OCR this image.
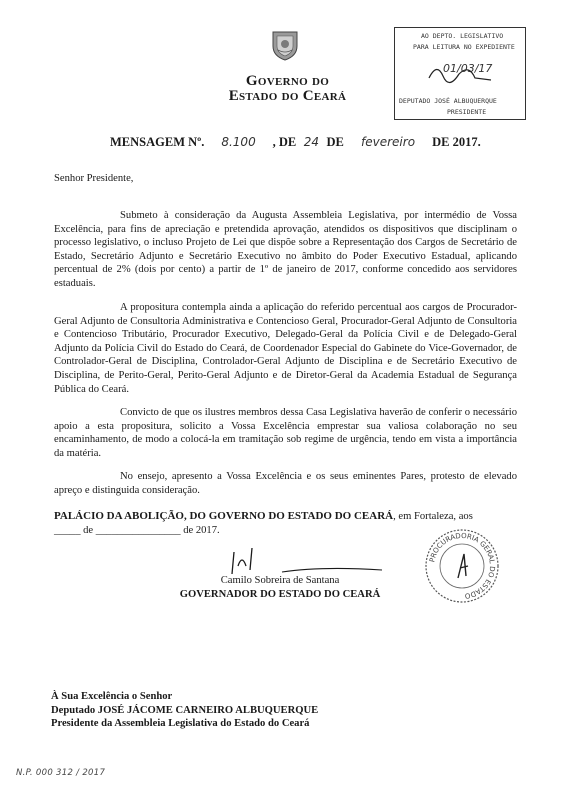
Governo do
Estado do Ceará
AO DEPTO. LEGISLATIVO
PARA LEITURA NO EXPEDIENTE
01/03/17
DEPUTADO JOSÉ ALBUQUERQUE
PRESIDENTE
MENSAGEM Nº. 8.100 , DE 24 DE fevereiro DE 2017.
Senhor Presidente,
Submeto à consideração da Augusta Assembleia Legislativa, por intermédio de Vossa Excelência, para fins de apreciação e pretendida aprovação, atendidos os dispositivos que disciplinam o processo legislativo, o incluso Projeto de Lei que dispõe sobre a Representação dos Cargos de Secretário de Estado, Secretário Adjunto e Secretário Executivo no âmbito do Poder Executivo Estadual, aplicando percentual de 2% (dois por cento) a partir de 1º de janeiro de 2017, conforme concedido aos servidores estaduais.
A propositura contempla ainda a aplicação do referido percentual aos cargos de Procurador-Geral Adjunto de Consultoria Administrativa e Contencioso Geral, Procurador-Geral Adjunto de Consultoria e Contencioso Tributário, Procurador Executivo, Delegado-Geral da Polícia Civil e de Delegado-Geral Adjunto da Polícia Civil do Estado do Ceará, de Coordenador Especial do Gabinete do Vice-Governador, de Controlador-Geral de Disciplina, Controlador-Geral Adjunto de Disciplina e de Secretário Executivo de Disciplina, de Perito-Geral, Perito-Geral Adjunto e de Diretor-Geral da Academia Estadual de Segurança Pública do Ceará.
Convicto de que os ilustres membros dessa Casa Legislativa haverão de conferir o necessário apoio a esta propositura, solicito a Vossa Excelência emprestar sua valiosa colaboração no seu encaminhamento, de modo a colocá-la em tramitação sob regime de urgência, tendo em vista a importância da matéria.
No ensejo, apresento a Vossa Excelência e os seus eminentes Pares, protesto de elevado apreço e distinguida consideração.
PALÁCIO DA ABOLIÇÃO, DO GOVERNO DO ESTADO DO CEARÁ, em Fortaleza, aos
_____ de ________________ de 2017.
Camilo Sobreira de Santana
GOVERNADOR DO ESTADO DO CEARÁ
PROCURADORIA GERAL DO ESTADO
À Sua Excelência o Senhor
Deputado JOSÉ JÁCOME CARNEIRO ALBUQUERQUE
Presidente da Assembleia Legislativa do Estado do Ceará
N.P. 000 312 / 2017
